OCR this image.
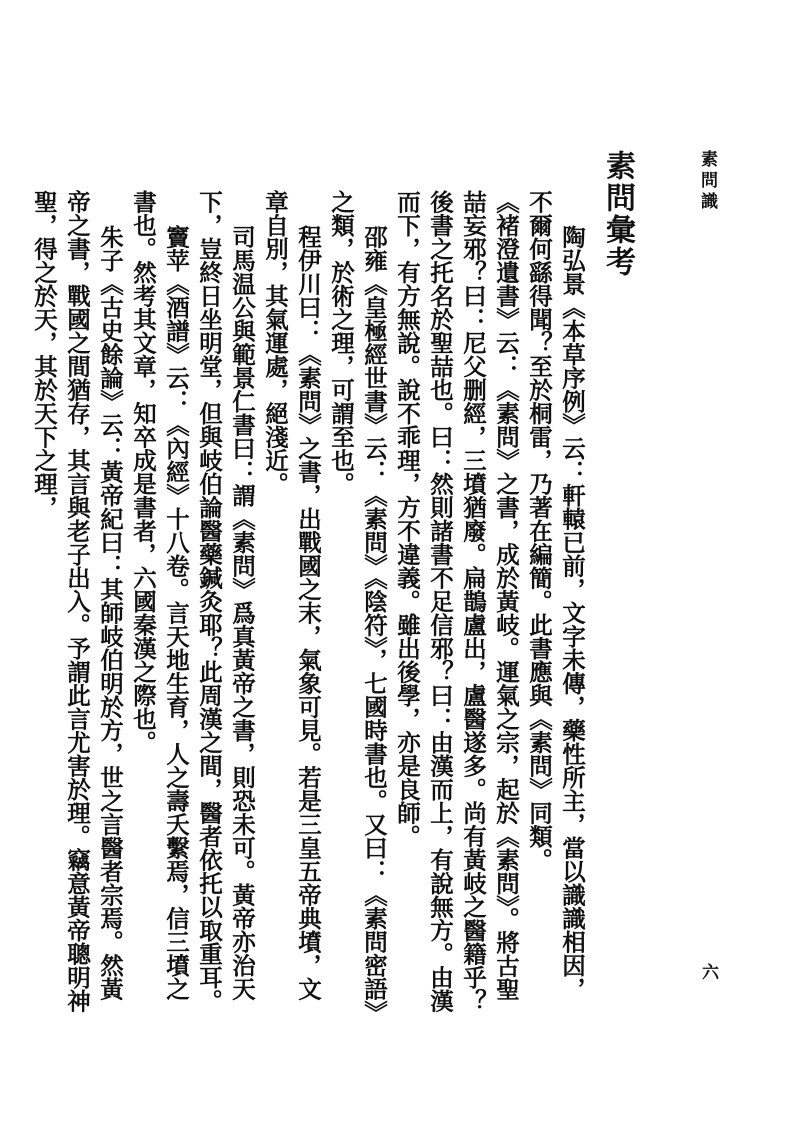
素問識
六
素問彙考

陶弘景《本草序例》云：軒轅已前，文字未傳，藥性所主，當以識識相因，不爾何繇得聞？至於桐雷，乃著在編簡。此書應與《素問》同類。

《褚澄遺書》云：《素問》之書，成於黃岐。運氣之宗，起於《素問》。將古聖喆妄邪？曰：尼父删經，三墳猶廢。扁鵲盧出，盧醫遂多。尚有黃岐之醫籍乎？後書之托名於聖喆也。曰：然則諸書不足信邪？曰：由漢而上，有說無方。由漢而下，有方無說。說不乖理，方不違義。雖出後學，亦是良師。

邵雍《皇極經世書》云：《素問》《陰符》，七國時書也。又曰：《素問密語》之類，於術之理，可謂至也。

程伊川曰：《素問》之書，出戰國之末，氣象可見。若是三皇五帝典墳，文章自別，其氣運處，絕淺近。

司馬温公與範景仁書曰：謂《素問》爲真黃帝之書，則恐未可。黃帝亦治天下，豈終日坐明堂，但與岐伯論醫藥鍼灸耶？此周漢之間，醫者依托以取重耳。

竇苹《酒譜》云：《內經》十八卷。言天地生育，人之壽夭繫焉，信三墳之書也。然考其文章，知卒成是書者，六國秦漢之際也。

朱子《古史餘論》云：黃帝紀曰：其師岐伯明於方，世之言醫者宗焉。然黃帝之書，戰國之間猶存，其言與老子出入。予謂此言尤害於理。竊意黃帝聰明神聖，得之於天，其於天下之理，
